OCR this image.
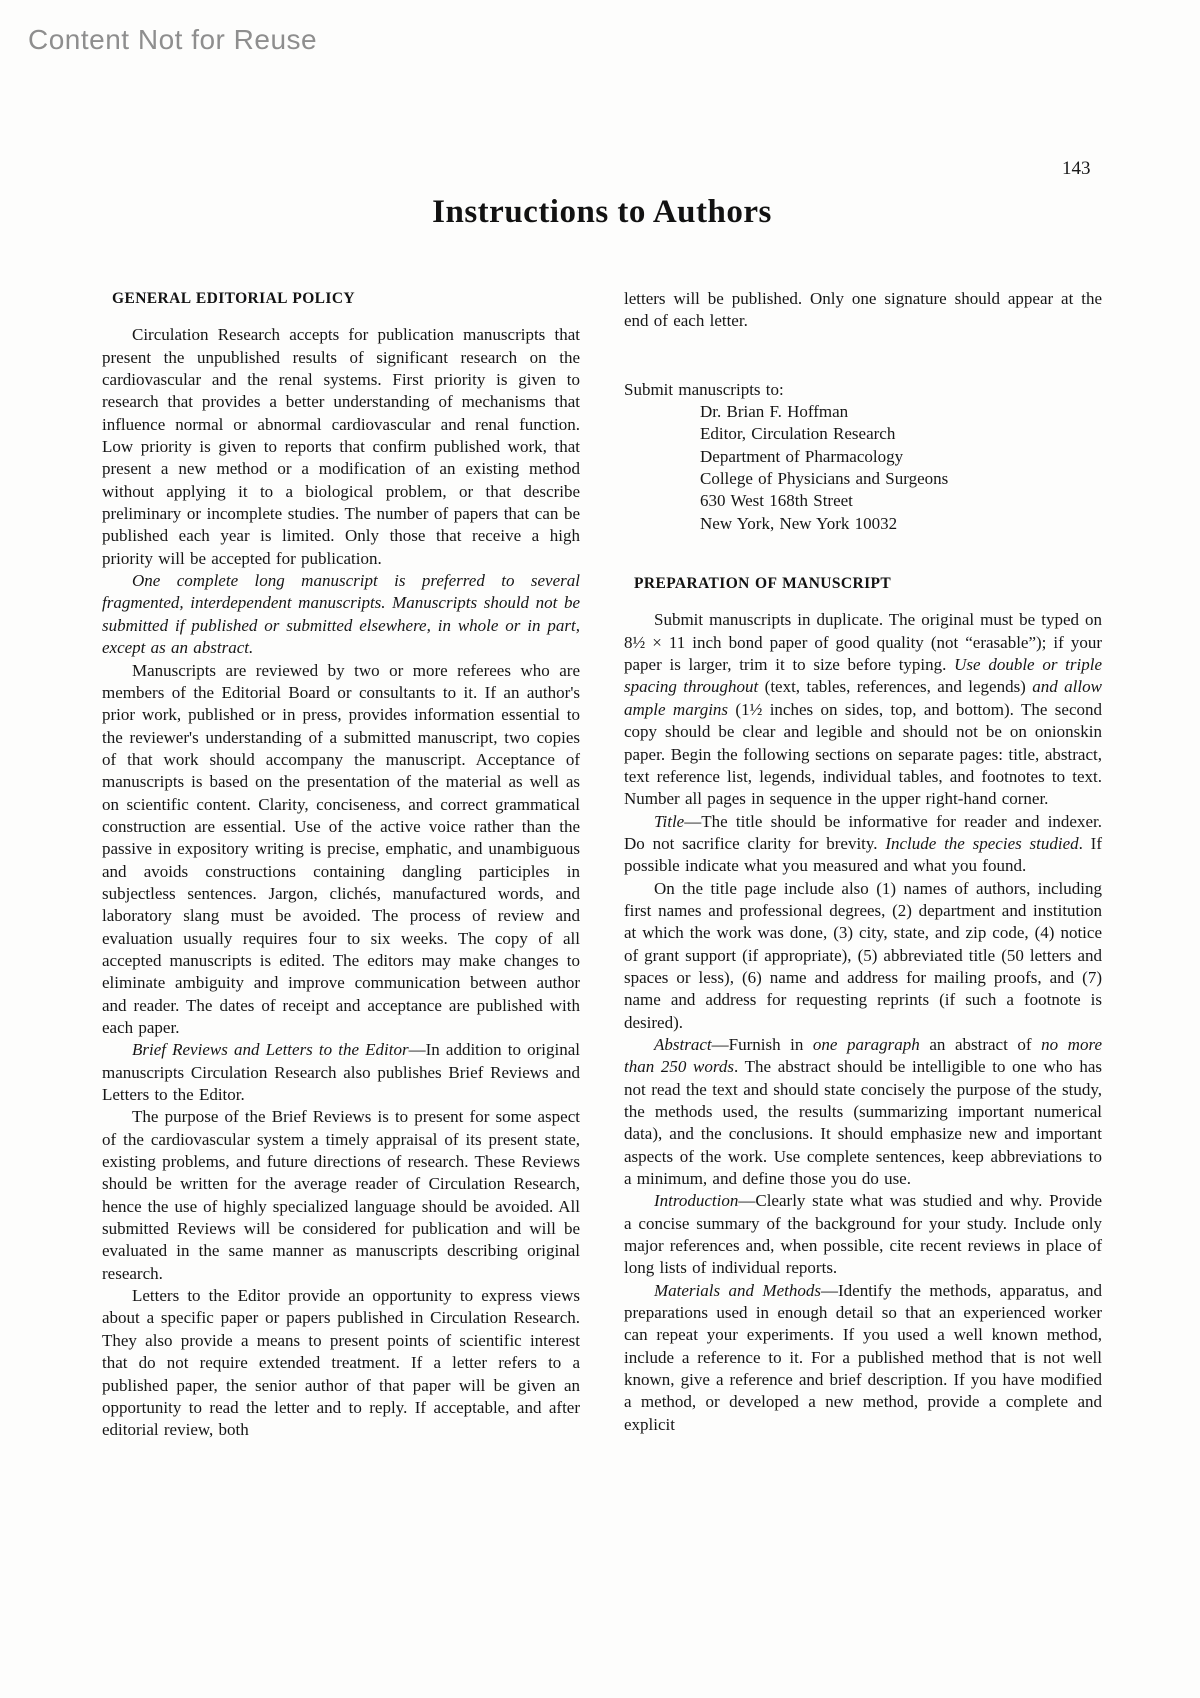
Content Not for Reuse
143
Instructions to Authors
GENERAL EDITORIAL POLICY

Circulation Research accepts for publication manuscripts that present the unpublished results of significant research on the cardiovascular and the renal systems. First priority is given to research that provides a better understanding of mechanisms that influence normal or abnormal cardiovascular and renal function. Low priority is given to reports that confirm published work, that present a new method or a modification of an existing method without applying it to a biological problem, or that describe preliminary or incomplete studies. The number of papers that can be published each year is limited. Only those that receive a high priority will be accepted for publication.

One complete long manuscript is preferred to several fragmented, interdependent manuscripts. Manuscripts should not be submitted if published or submitted elsewhere, in whole or in part, except as an abstract.

Manuscripts are reviewed by two or more referees who are members of the Editorial Board or consultants to it. If an author's prior work, published or in press, provides information essential to the reviewer's understanding of a submitted manuscript, two copies of that work should accompany the manuscript. Acceptance of manuscripts is based on the presentation of the material as well as on scientific content. Clarity, conciseness, and correct grammatical construction are essential. Use of the active voice rather than the passive in expository writing is precise, emphatic, and unambiguous and avoids constructions containing dangling participles in subjectless sentences. Jargon, clichés, manufactured words, and laboratory slang must be avoided. The process of review and evaluation usually requires four to six weeks. The copy of all accepted manuscripts is edited. The editors may make changes to eliminate ambiguity and improve communication between author and reader. The dates of receipt and acceptance are published with each paper.

Brief Reviews and Letters to the Editor—In addition to original manuscripts Circulation Research also publishes Brief Reviews and Letters to the Editor.

The purpose of the Brief Reviews is to present for some aspect of the cardiovascular system a timely appraisal of its present state, existing problems, and future directions of research. These Reviews should be written for the average reader of Circulation Research, hence the use of highly specialized language should be avoided. All submitted Reviews will be considered for publication and will be evaluated in the same manner as manuscripts describing original research.

Letters to the Editor provide an opportunity to express views about a specific paper or papers published in Circulation Research. They also provide a means to present points of scientific interest that do not require extended treatment. If a letter refers to a published paper, the senior author of that paper will be given an opportunity to read the letter and to reply. If acceptable, and after editorial review, both

letters will be published. Only one signature should appear at the end of each letter.

Submit manuscripts to:

Dr. Brian F. Hoffman
Editor, Circulation Research
Department of Pharmacology
College of Physicians and Surgeons
630 West 168th Street
New York, New York 10032
PREPARATION OF MANUSCRIPT

Submit manuscripts in duplicate. The original must be typed on 8½ × 11 inch bond paper of good quality (not “erasable”); if your paper is larger, trim it to size before typing. Use double or triple spacing throughout (text, tables, references, and legends) and allow ample margins (1½ inches on sides, top, and bottom). The second copy should be clear and legible and should not be on onionskin paper. Begin the following sections on separate pages: title, abstract, text reference list, legends, individual tables, and footnotes to text. Number all pages in sequence in the upper right-hand corner.

Title—The title should be informative for reader and indexer. Do not sacrifice clarity for brevity. Include the species studied. If possible indicate what you measured and what you found.

On the title page include also (1) names of authors, including first names and professional degrees, (2) department and institution at which the work was done, (3) city, state, and zip code, (4) notice of grant support (if appropriate), (5) abbreviated title (50 letters and spaces or less), (6) name and address for mailing proofs, and (7) name and address for requesting reprints (if such a footnote is desired).

Abstract—Furnish in one paragraph an abstract of no more than 250 words. The abstract should be intelligible to one who has not read the text and should state concisely the purpose of the study, the methods used, the results (summarizing important numerical data), and the conclusions. It should emphasize new and important aspects of the work. Use complete sentences, keep abbreviations to a minimum, and define those you do use.

Introduction—Clearly state what was studied and why. Provide a concise summary of the background for your study. Include only major references and, when possible, cite recent reviews in place of long lists of individual reports.

Materials and Methods—Identify the methods, apparatus, and preparations used in enough detail so that an experienced worker can repeat your experiments. If you used a well known method, include a reference to it. For a published method that is not well known, give a reference and brief description. If you have modified a method, or developed a new method, provide a complete and explicit
